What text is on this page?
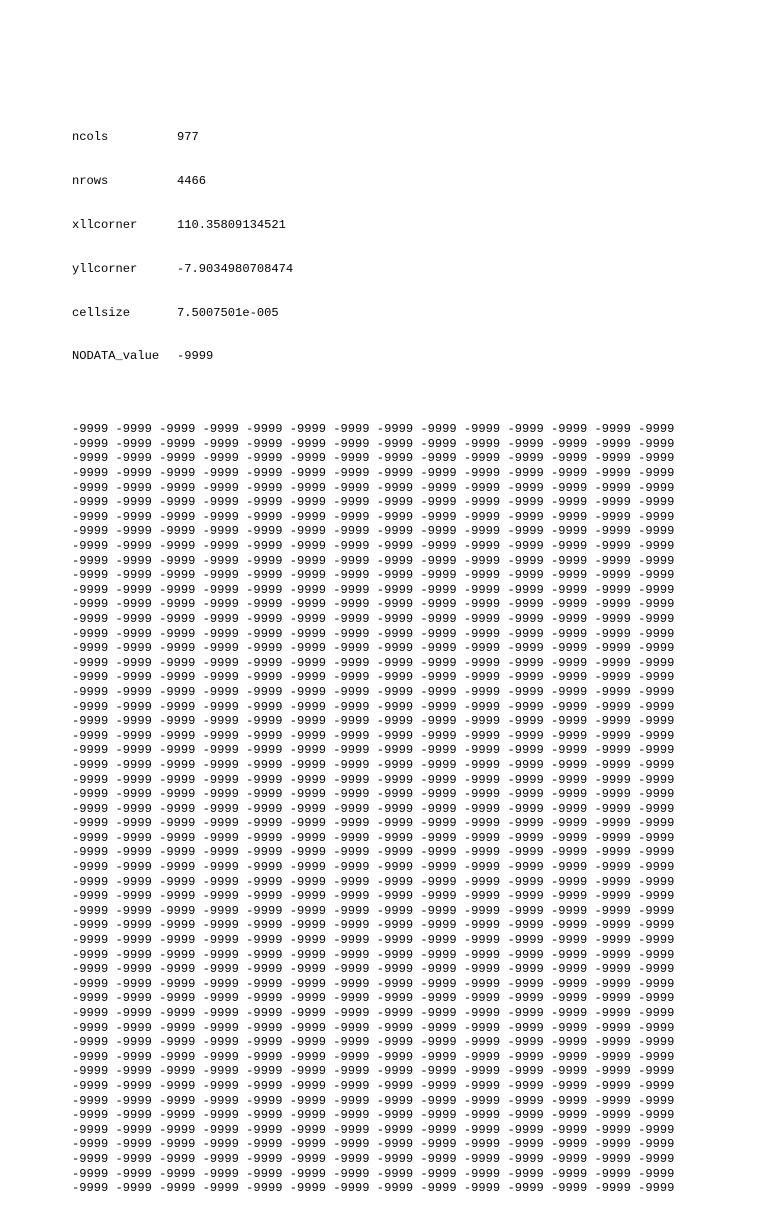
ncols	977

nrows	4466

xllcorner	110.35809134521

yllcorner	-7.9034980708474

cellsize	7.5007501e-005

NODATA_value	-9999

-9999 -9999 -9999 -9999 -9999 -9999 -9999 -9999 -9999 -9999 -9999 -9999 -9999 -9999
-9999 -9999 -9999 -9999 -9999 -9999 -9999 -9999 -9999 -9999 -9999 -9999 -9999 -9999
-9999 -9999 -9999 -9999 -9999 -9999 -9999 -9999 -9999 -9999 -9999 -9999 -9999 -9999
-9999 -9999 -9999 -9999 -9999 -9999 -9999 -9999 -9999 -9999 -9999 -9999 -9999 -9999
-9999 -9999 -9999 -9999 -9999 -9999 -9999 -9999 -9999 -9999 -9999 -9999 -9999 -9999
-9999 -9999 -9999 -9999 -9999 -9999 -9999 -9999 -9999 -9999 -9999 -9999 -9999 -9999
-9999 -9999 -9999 -9999 -9999 -9999 -9999 -9999 -9999 -9999 -9999 -9999 -9999 -9999
-9999 -9999 -9999 -9999 -9999 -9999 -9999 -9999 -9999 -9999 -9999 -9999 -9999 -9999
-9999 -9999 -9999 -9999 -9999 -9999 -9999 -9999 -9999 -9999 -9999 -9999 -9999 -9999
-9999 -9999 -9999 -9999 -9999 -9999 -9999 -9999 -9999 -9999 -9999 -9999 -9999 -9999
-9999 -9999 -9999 -9999 -9999 -9999 -9999 -9999 -9999 -9999 -9999 -9999 -9999 -9999
-9999 -9999 -9999 -9999 -9999 -9999 -9999 -9999 -9999 -9999 -9999 -9999 -9999 -9999
-9999 -9999 -9999 -9999 -9999 -9999 -9999 -9999 -9999 -9999 -9999 -9999 -9999 -9999
-9999 -9999 -9999 -9999 -9999 -9999 -9999 -9999 -9999 -9999 -9999 -9999 -9999 -9999
-9999 -9999 -9999 -9999 -9999 -9999 -9999 -9999 -9999 -9999 -9999 -9999 -9999 -9999
-9999 -9999 -9999 -9999 -9999 -9999 -9999 -9999 -9999 -9999 -9999 -9999 -9999 -9999
-9999 -9999 -9999 -9999 -9999 -9999 -9999 -9999 -9999 -9999 -9999 -9999 -9999 -9999
-9999 -9999 -9999 -9999 -9999 -9999 -9999 -9999 -9999 -9999 -9999 -9999 -9999 -9999
-9999 -9999 -9999 -9999 -9999 -9999 -9999 -9999 -9999 -9999 -9999 -9999 -9999 -9999
-9999 -9999 -9999 -9999 -9999 -9999 -9999 -9999 -9999 -9999 -9999 -9999 -9999 -9999
-9999 -9999 -9999 -9999 -9999 -9999 -9999 -9999 -9999 -9999 -9999 -9999 -9999 -9999
-9999 -9999 -9999 -9999 -9999 -9999 -9999 -9999 -9999 -9999 -9999 -9999 -9999 -9999
-9999 -9999 -9999 -9999 -9999 -9999 -9999 -9999 -9999 -9999 -9999 -9999 -9999 -9999
-9999 -9999 -9999 -9999 -9999 -9999 -9999 -9999 -9999 -9999 -9999 -9999 -9999 -9999
-9999 -9999 -9999 -9999 -9999 -9999 -9999 -9999 -9999 -9999 -9999 -9999 -9999 -9999
-9999 -9999 -9999 -9999 -9999 -9999 -9999 -9999 -9999 -9999 -9999 -9999 -9999 -9999
-9999 -9999 -9999 -9999 -9999 -9999 -9999 -9999 -9999 -9999 -9999 -9999 -9999 -9999
-9999 -9999 -9999 -9999 -9999 -9999 -9999 -9999 -9999 -9999 -9999 -9999 -9999 -9999
-9999 -9999 -9999 -9999 -9999 -9999 -9999 -9999 -9999 -9999 -9999 -9999 -9999 -9999
-9999 -9999 -9999 -9999 -9999 -9999 -9999 -9999 -9999 -9999 -9999 -9999 -9999 -9999
-9999 -9999 -9999 -9999 -9999 -9999 -9999 -9999 -9999 -9999 -9999 -9999 -9999 -9999
-9999 -9999 -9999 -9999 -9999 -9999 -9999 -9999 -9999 -9999 -9999 -9999 -9999 -9999
-9999 -9999 -9999 -9999 -9999 -9999 -9999 -9999 -9999 -9999 -9999 -9999 -9999 -9999
-9999 -9999 -9999 -9999 -9999 -9999 -9999 -9999 -9999 -9999 -9999 -9999 -9999 -9999
-9999 -9999 -9999 -9999 -9999 -9999 -9999 -9999 -9999 -9999 -9999 -9999 -9999 -9999
-9999 -9999 -9999 -9999 -9999 -9999 -9999 -9999 -9999 -9999 -9999 -9999 -9999 -9999
-9999 -9999 -9999 -9999 -9999 -9999 -9999 -9999 -9999 -9999 -9999 -9999 -9999 -9999
-9999 -9999 -9999 -9999 -9999 -9999 -9999 -9999 -9999 -9999 -9999 -9999 -9999 -9999
-9999 -9999 -9999 -9999 -9999 -9999 -9999 -9999 -9999 -9999 -9999 -9999 -9999 -9999
-9999 -9999 -9999 -9999 -9999 -9999 -9999 -9999 -9999 -9999 -9999 -9999 -9999 -9999
-9999 -9999 -9999 -9999 -9999 -9999 -9999 -9999 -9999 -9999 -9999 -9999 -9999 -9999
-9999 -9999 -9999 -9999 -9999 -9999 -9999 -9999 -9999 -9999 -9999 -9999 -9999 -9999
-9999 -9999 -9999 -9999 -9999 -9999 -9999 -9999 -9999 -9999 -9999 -9999 -9999 -9999
-9999 -9999 -9999 -9999 -9999 -9999 -9999 -9999 -9999 -9999 -9999 -9999 -9999 -9999
-9999 -9999 -9999 -9999 -9999 -9999 -9999 -9999 -9999 -9999 -9999 -9999 -9999 -9999
-9999 -9999 -9999 -9999 -9999 -9999 -9999 -9999 -9999 -9999 -9999 -9999 -9999 -9999
-9999 -9999 -9999 -9999 -9999 -9999 -9999 -9999 -9999 -9999 -9999 -9999 -9999 -9999
-9999 -9999 -9999 -9999 -9999 -9999 -9999 -9999 -9999 -9999 -9999 -9999 -9999 -9999
-9999 -9999 -9999 -9999 -9999 -9999 -9999 -9999 -9999 -9999 -9999 -9999 -9999 -9999
-9999 -9999 -9999 -9999 -9999 -9999 -9999 -9999 -9999 -9999 -9999 -9999 -9999 -9999
-9999 -9999 -9999 -9999 -9999 -9999 -9999 -9999 -9999 -9999 -9999 -9999 -9999 -9999
-9999 -9999 -9999 -9999 -9999 -9999 -9999 -9999 -9999 -9999 -9999 -9999 -9999 -9999
-9999 -9999 -9999 -9999 -9999 -9999 -9999 -9999 -9999 -9999 -9999 -9999 -9999 -9999
